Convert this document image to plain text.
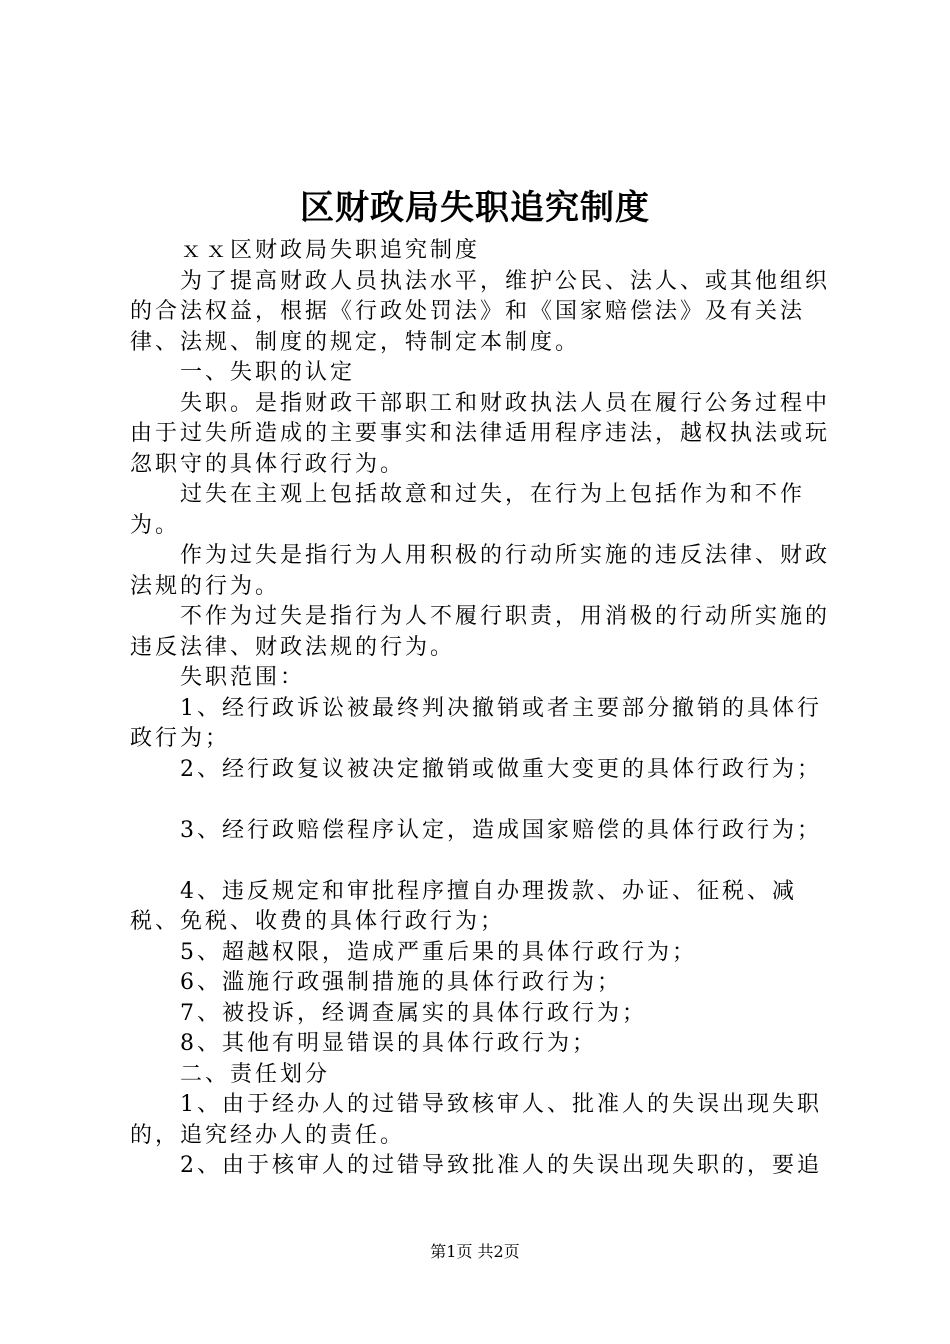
区财政局失职追究制度

ｘｘ区财政局失职追究制度

为了提高财政人员执法水平，维护公民、法人、或其他组织的合法权益，根据《行政处罚法》和《国家赔偿法》及有关法律、法规、制度的规定，特制定本制度。

一、失职的认定

失职。是指财政干部职工和财政执法人员在履行公务过程中由于过失所造成的主要事实和法律适用程序违法，越权执法或玩忽职守的具体行政行为。

过失在主观上包括故意和过失，在行为上包括作为和不作为。

作为过失是指行为人用积极的行动所实施的违反法律、财政法规的行为。

不作为过失是指行为人不履行职责，用消极的行动所实施的违反法律、财政法规的行为。

失职范围：

1、经行政诉讼被最终判决撤销或者主要部分撤销的具体行政行为；

2、经行政复议被决定撤销或做重大变更的具体行政行为；

3、经行政赔偿程序认定，造成国家赔偿的具体行政行为；

4、违反规定和审批程序擅自办理拨款、办证、征税、减税、免税、收费的具体行政行为；

5、超越权限，造成严重后果的具体行政行为；

6、滥施行政强制措施的具体行政行为；

7、被投诉，经调查属实的具体行政行为；

8、其他有明显错误的具体行政行为；

二、责任划分

1、由于经办人的过错导致核审人、批准人的失误出现失职的，追究经办人的责任。

2、由于核审人的过错导致批准人的失误出现失职的，要追

第1页 共2页
